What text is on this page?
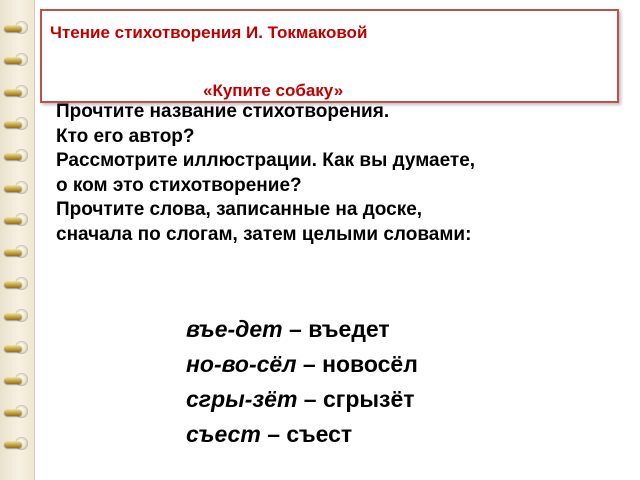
Чтение стихотворения И. Токмаковой
«Купите собаку»
Прочтите название стихотворения.
Кто его автор?
Рассмотрите иллюстрации. Как вы думаете,
о ком это стихотворение?
Прочтите слова, записанные на доске,
сначала по слогам, затем целыми словами:
въе-дет – въедет
но-во-сёл – новосёл
сгры-зёт – сгрызёт
съест – съест
